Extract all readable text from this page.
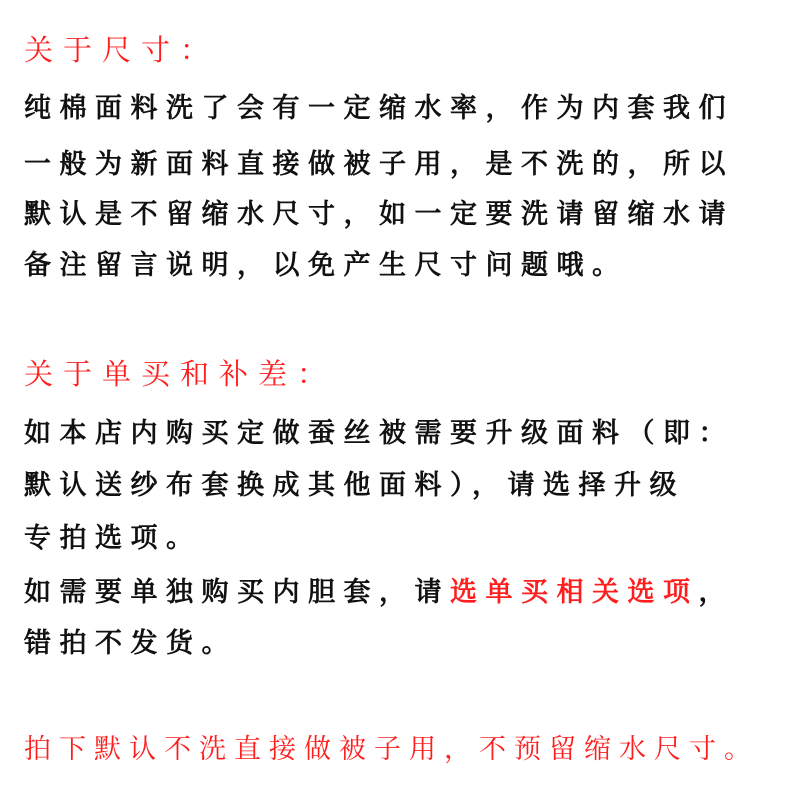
关于尺寸：
纯棉面料洗了会有一定缩水率，作为内套我们
一般为新面料直接做被子用，是不洗的，所以
默认是不留缩水尺寸，如一定要洗请留缩水请
备注留言说明，以免产生尺寸问题哦。
关于单买和补差：
如本店内购买定做蚕丝被需要升级面料（即：
默认送纱布套换成其他面料），请选择升级
专拍选项。
如需要单独购买内胆套，请选单买相关选项，
错拍不发货。
拍下默认不洗直接做被子用，不预留缩水尺寸。
